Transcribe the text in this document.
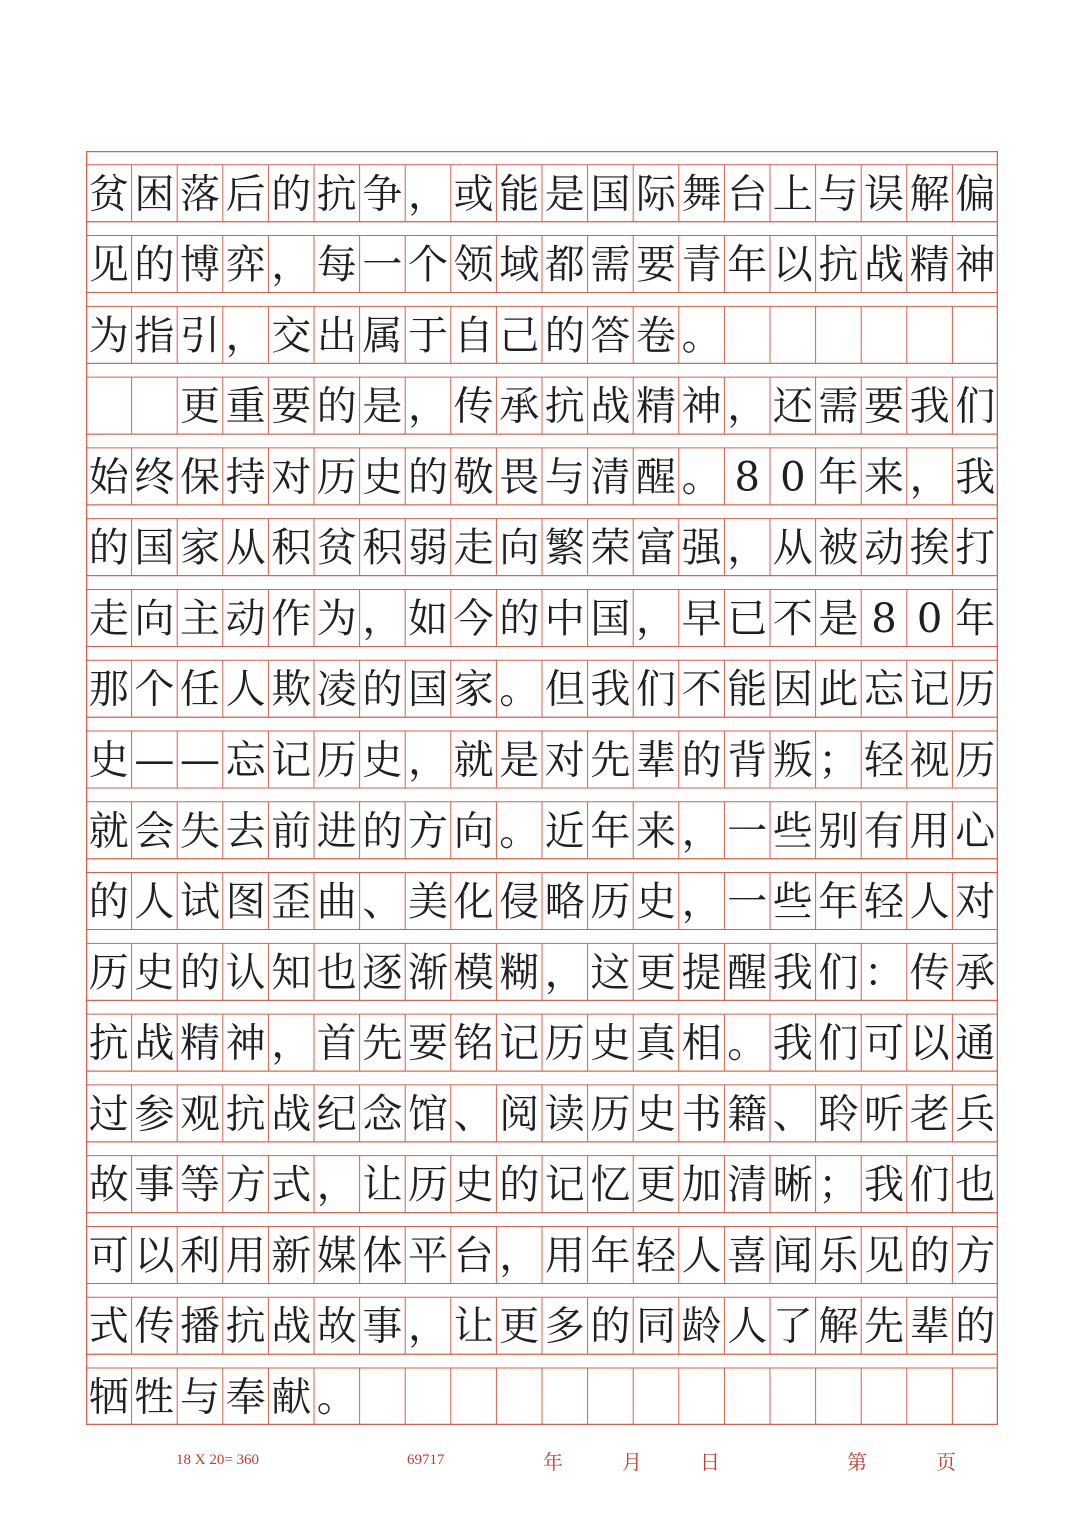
贫 困 落 后 的 抗 争 ， 或 能 是 国 际 舞 台 上 与 误 解 偏
见 的 博 弈 ， 每 一 个 领 域 都 需 要 青 年 以 抗 战 精 神
为 指 引 ， 交 出 属 于 自 己 的 答 卷 。
更 重 要 的 是 ， 传 承 抗 战 精 神 ， 还 需 要 我 们
始 终 保 持 对 历 史 的 敬 畏 与 清 醒 。 8 0 年 来 ， 我
的 国 家 从 积 贫 积 弱 走 向 繁 荣 富 强 ， 从 被 动 挨 打
走 向 主 动 作 为 ， 如 今 的 中 国 ， 早 已 不 是 8 0 年
那 个 任 人 欺 凌 的 国 家 。 但 我 们 不 能 因 此 忘 记 历
史 — — 忘 记 历 史 ， 就 是 对 先 辈 的 背 叛 ； 轻 视 历
就 会 失 去 前 进 的 方 向 。 近 年 来 ， 一 些 别 有 用 心
的 人 试 图 歪 曲 、 美 化 侵 略 历 史 ， 一 些 年 轻 人 对
历 史 的 认 知 也 逐 渐 模 糊 ， 这 更 提 醒 我 们 ： 传 承
抗 战 精 神 ， 首 先 要 铭 记 历 史 真 相 。 我 们 可 以 通
过 参 观 抗 战 纪 念 馆 、 阅 读 历 史 书 籍 、 聆 听 老 兵
故 事 等 方 式 ， 让 历 史 的 记 忆 更 加 清 晰 ； 我 们 也
可 以 利 用 新 媒 体 平 台 ， 用 年 轻 人 喜 闻 乐 见 的 方
式 传 播 抗 战 故 事 ， 让 更 多 的 同 龄 人 了 解 先 辈 的
牺 牲 与 奉 献 。
18 X 20= 360	69717	年	月	日	第	页
